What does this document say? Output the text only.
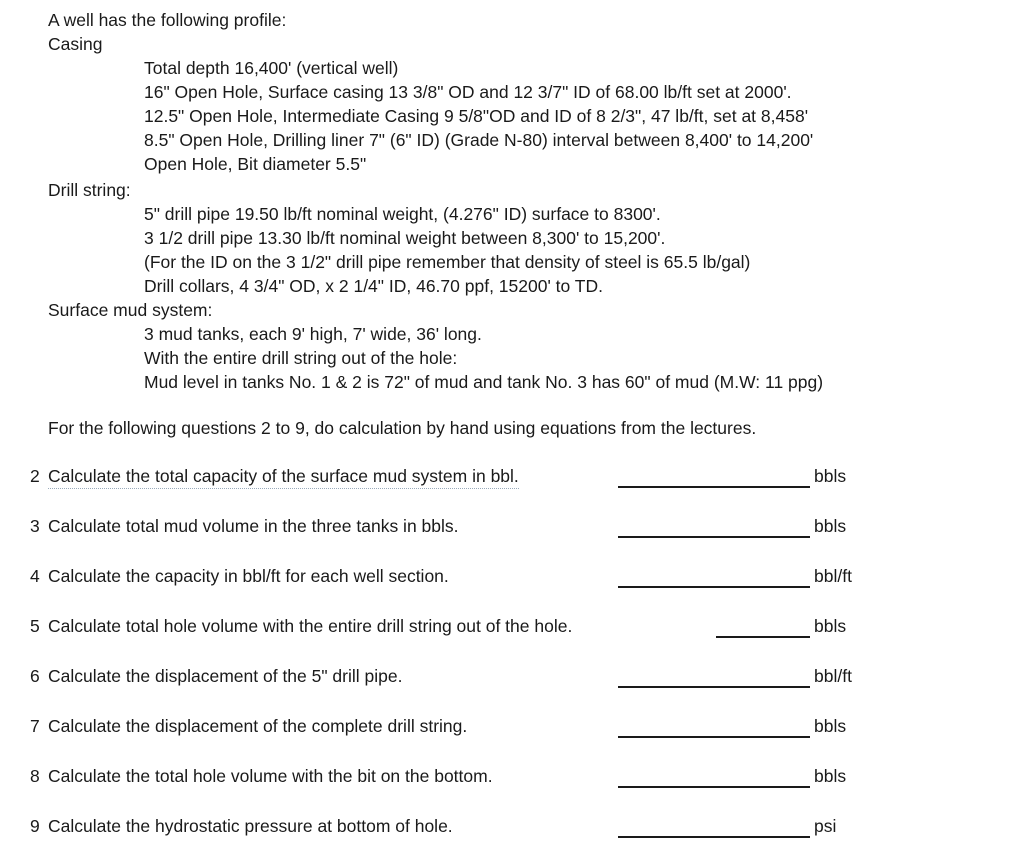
A well has the following profile:
Casing
Total depth 16,400' (vertical well)
16" Open Hole, Surface casing 13 3/8" OD and 12 3/7" ID of 68.00 lb/ft set at 2000'.
12.5" Open Hole, Intermediate Casing 9 5/8"OD and ID of 8 2/3", 47 lb/ft, set at 8,458'
8.5" Open Hole, Drilling liner 7" (6" ID) (Grade N-80) interval between 8,400' to 14,200'
Open Hole, Bit diameter 5.5"
Drill string:
5" drill pipe 19.50 lb/ft nominal weight, (4.276" ID) surface to 8300'.
3 1/2 drill pipe 13.30 lb/ft nominal weight between 8,300' to 15,200'.
(For the ID on the 3 1/2" drill pipe remember that density of steel is 65.5 lb/gal)
Drill collars, 4 3/4" OD, x 2 1/4" ID, 46.70 ppf, 15200' to TD.
Surface mud system:
3 mud tanks, each 9' high, 7' wide, 36' long.
With the entire drill string out of the hole:
Mud level in tanks No. 1 & 2 is 72" of mud and tank No. 3 has 60" of mud (M.W: 11 ppg)
For the following questions 2 to 9, do calculation by hand using equations from the lectures.
2 Calculate the total capacity of the surface mud system in bbl.	bbls
3 Calculate total mud volume in the three tanks in bbls.	bbls
4 Calculate the capacity in bbl/ft for each well section.	bbl/ft
5 Calculate total hole volume with the entire drill string out of the hole.	bbls
6 Calculate the displacement of the 5" drill pipe.	bbl/ft
7 Calculate the displacement of the complete drill string.	bbls
8 Calculate the total hole volume with the bit on the bottom.	bbls
9 Calculate the hydrostatic pressure at bottom of hole.	psi
